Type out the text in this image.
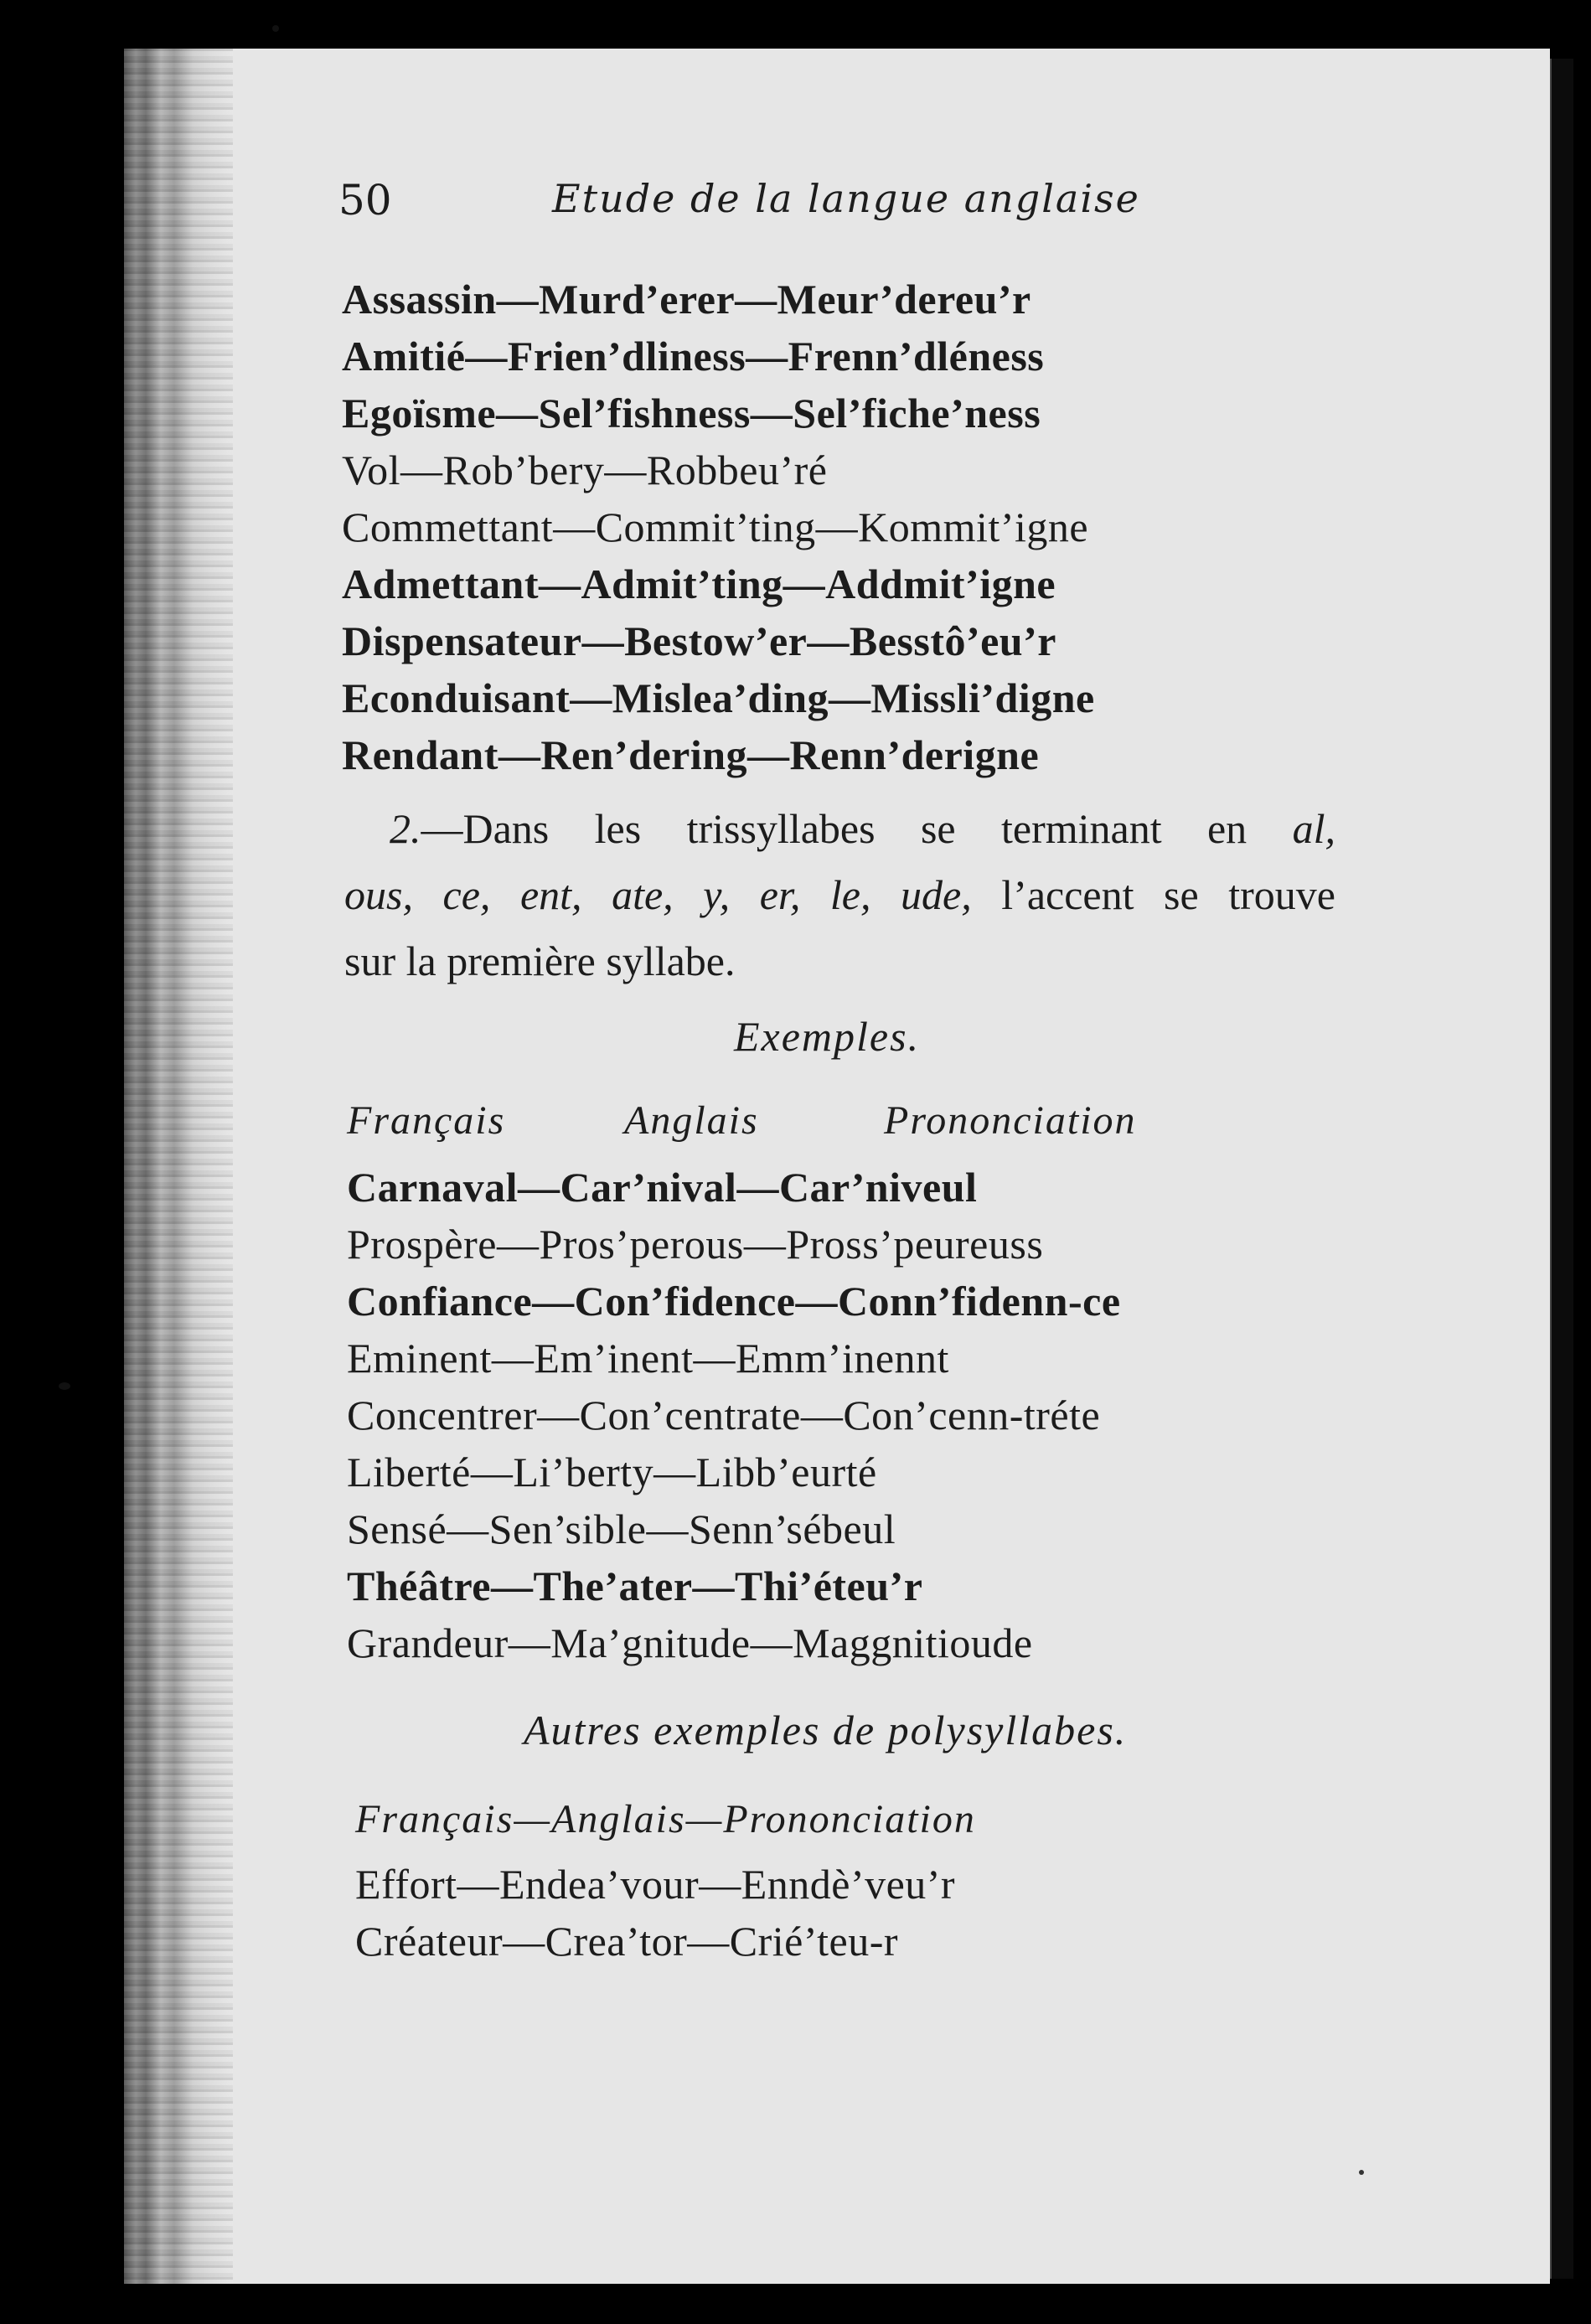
50	Etude de la langue anglaise
Assassin—Murd’erer—Meur’dereu’r
Amitié—Frien’dliness—Frenn’dléness
Egoïsme—Sel’fishness—Sel’fiche’ness
Vol—Rob’bery—Robbeu’ré
Commettant—Commit’ting—Kommit’igne
Admettant—Admit’ting—Addmit’igne
Dispensateur—Bestow’er—Besstô’eu’r
Econduisant—Mislea’ding—Missli’digne
Rendant—Ren’dering—Renn’derigne
2.—Dans les trissyllabes se terminant en al,
ous, ce, ent, ate, y, er, le, ude, l’accent se trouve
sur la première syllabe.
Exemples.
Français	Anglais	Prononciation
Carnaval—Car’nival—Car’niveul
Prospère—Pros’perous—Pross’peureuss
Confiance—Con’fidence—Conn’fidenn-ce
Eminent—Em’inent—Emm’inennt
Concentrer—Con’centrate—Con’cenn-tréte
Liberté—Li’berty—Libb’eurté
Sensé—Sen’sible—Senn’sébeul
Théâtre—The’ater—Thi’éteu’r
Grandeur—Ma’gnitude—Maggnitioude
Autres exemples de polysyllabes.
Français—Anglais—Prononciation
Effort—Endea’vour—Enndè’veu’r
Créateur—Crea’tor—Crié’teu-r
